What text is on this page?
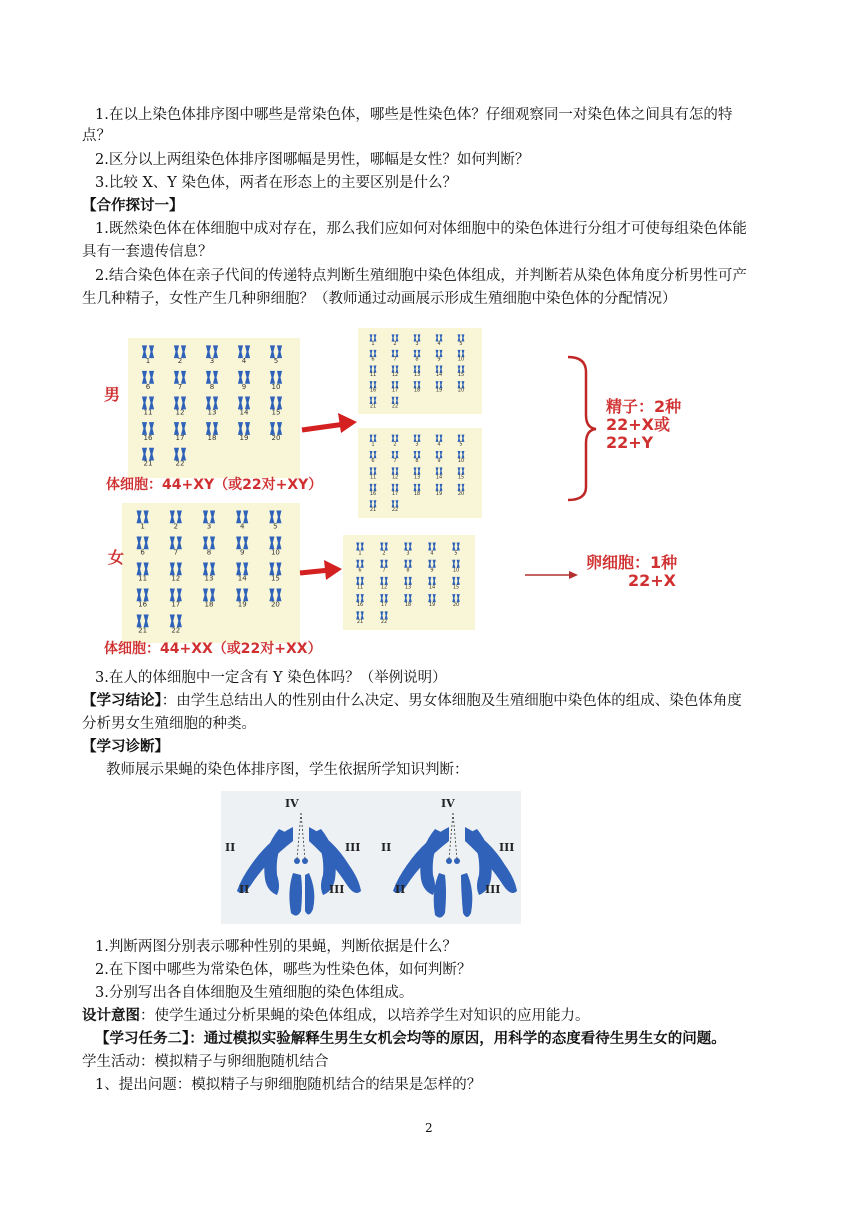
1.在以上染色体排序图中哪些是常染色体，哪些是性染色体？仔细观察同一对染色体之间具有怎的特
点？
2.区分以上两组染色体排序图哪幅是男性，哪幅是女性？如何判断？
3.比较 X、Y 染色体，两者在形态上的主要区别是什么？
【合作探讨一】
1.既然染色体在体细胞中成对存在，那么我们应如何对体细胞中的染色体进行分组才可使每组染色体能
具有一套遗传信息？
2.结合染色体在亲子代间的传递特点判断生殖细胞中染色体组成，并判断若从染色体角度分析男性可产
生几种精子，女性产生几种卵细胞？（教师通过动画展示形成生殖细胞中染色体的分配情况）
1	2	3	4	5
6	7	8	9	10
11	12	13	14	15
16	17	18	19	20
21	22
1	2	3	4	5
6	7	8	9	10
11	12	13	14	15
16	17	18	19	20
21	22
1	2	3	4	5
6	7	8	9	10
11	12	13	14	15
16	17	18	19	20
21	22
1	2	3	4	5
6	7	8	9	10
11	12	13	14	15
16	17	18	19	20
21	22
1	2	3	4	5
6	7	8	9	10
11	12	13	14	15
16	17	18	19	20
21	22
男
女
体细胞：44+XY（或22对+XY）
体细胞：44+XX（或22对+XX）
精子：2种
22+X或
22+Y
卵细胞：1种
22+X
3.在人的体细胞中一定含有 Y 染色体吗？（举例说明）
【学习结论】：由学生总结出人的性别由什么决定、男女体细胞及生殖细胞中染色体的组成、染色体角度
分析男女生殖细胞的种类。
【学习诊断】
教师展示果蝇的染色体排序图，学生依据所学知识判断：
IV
II	III
II	III
IV
II	III
II	III
1.判断两图分别表示哪种性别的果蝇，判断依据是什么？
2.在下图中哪些为常染色体，哪些为性染色体，如何判断？
3.分别写出各自体细胞及生殖细胞的染色体组成。
设计意图：使学生通过分析果蝇的染色体组成，以培养学生对知识的应用能力。
【学习任务二】：通过模拟实验解释生男生女机会均等的原因，用科学的态度看待生男生女的问题。
学生活动：模拟精子与卵细胞随机结合
1、提出问题：模拟精子与卵细胞随机结合的结果是怎样的？
2
